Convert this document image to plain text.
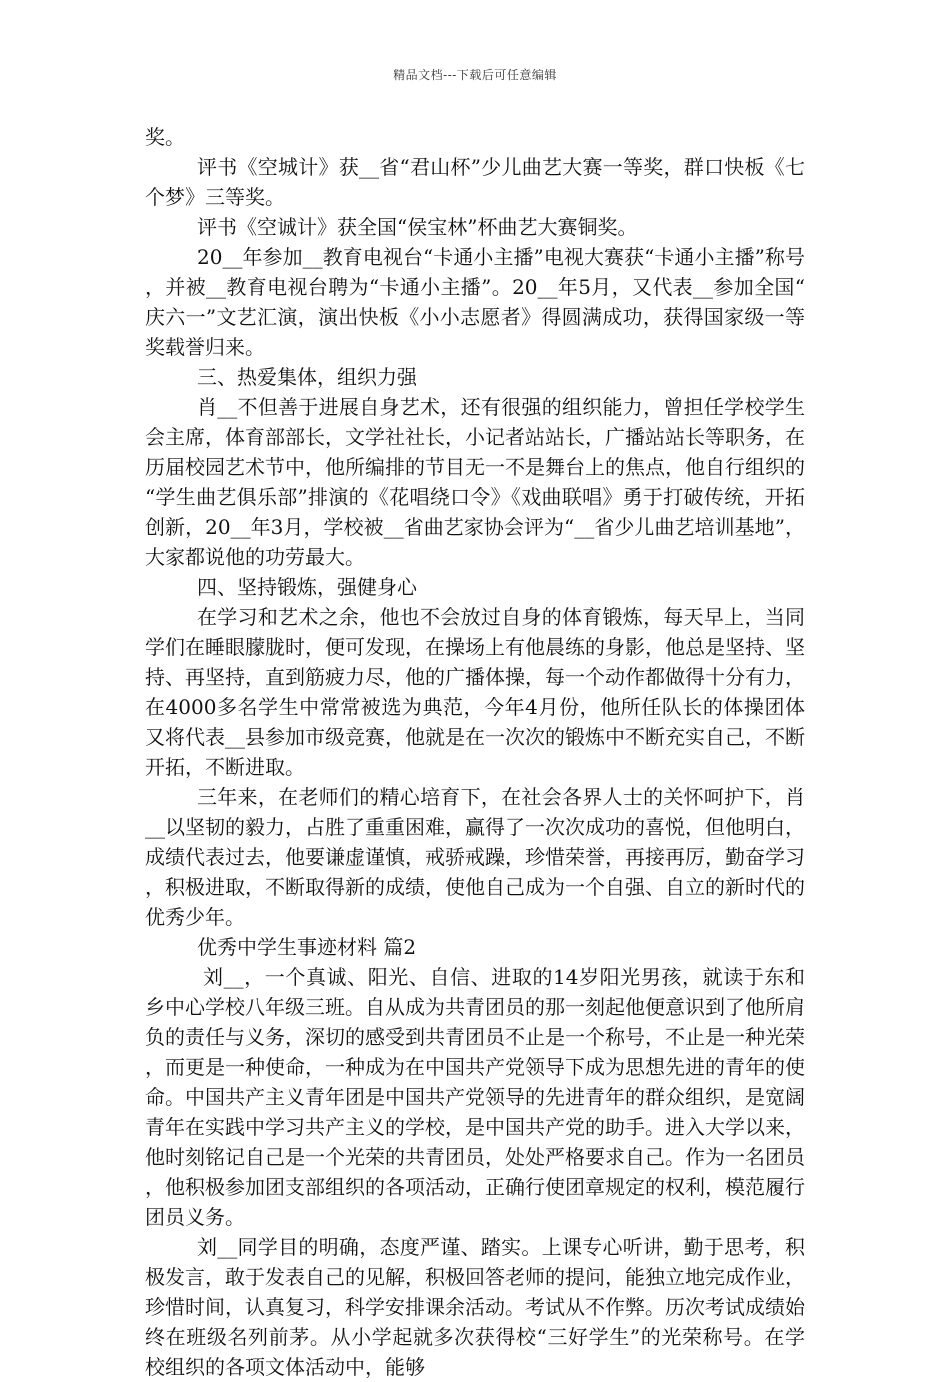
精品文档---下载后可任意编辑

奖。

评书《空城计》获__省“君山杯”少儿曲艺大赛一等奖，群口快板《七个梦》三等奖。

评书《空诚计》获全国“侯宝林”杯曲艺大赛铜奖。

20__年参加__教育电视台“卡通小主播”电视大赛获“卡通小主播”称号，并被__教育电视台聘为“卡通小主播”。20__年5月，又代表__参加全国“庆六一”文艺汇演，演出快板《小小志愿者》得圆满成功，获得国家级一等奖载誉归来。

三、热爱集体，组织力强

肖__不但善于进展自身艺术，还有很强的组织能力，曾担任学校学生会主席，体育部部长，文学社社长，小记者站站长，广播站站长等职务，在历届校园艺术节中，他所编排的节目无一不是舞台上的焦点，他自行组织的“学生曲艺俱乐部”排演的《花唱绕口令》《戏曲联唱》勇于打破传统，开拓创新，20__年3月，学校被__省曲艺家协会评为“__省少儿曲艺培训基地”，大家都说他的功劳最大。

四、坚持锻炼，强健身心

在学习和艺术之余，他也不会放过自身的体育锻炼，每天早上，当同学们在睡眼朦胧时，便可发现，在操场上有他晨练的身影，他总是坚持、坚持、再坚持，直到筋疲力尽，他的广播体操，每一个动作都做得十分有力，在4000多名学生中常常被选为典范，今年4月份，他所任队长的体操团体又将代表__县参加市级竞赛，他就是在一次次的锻炼中不断充实自己，不断开拓，不断进取。

三年来，在老师们的精心培育下，在社会各界人士的关怀呵护下，肖__以坚韧的毅力，占胜了重重困难，赢得了一次次成功的喜悦，但他明白，成绩代表过去，他要谦虚谨慎，戒骄戒躁，珍惜荣誉，再接再厉，勤奋学习，积极进取，不断取得新的成绩，使他自己成为一个自强、自立的新时代的优秀少年。

优秀中学生事迹材料 篇2

刘__，一个真诚、阳光、自信、进取的14岁阳光男孩，就读于东和乡中心学校八年级三班。自从成为共青团员的那一刻起他便意识到了他所肩负的责任与义务，深切的感受到共青团员不止是一个称号，不止是一种光荣，而更是一种使命，一种成为在中国共产党领导下成为思想先进的青年的使命。中国共产主义青年团是中国共产党领导的先进青年的群众组织，是宽阔青年在实践中学习共产主义的学校，是中国共产党的助手。进入大学以来，他时刻铭记自己是一个光荣的共青团员，处处严格要求自己。作为一名团员，他积极参加团支部组织的各项活动，正确行使团章规定的权利，模范履行团员义务。

刘__同学目的明确，态度严谨、踏实。上课专心听讲，勤于思考，积极发言，敢于发表自己的见解，积极回答老师的提问，能独立地完成作业，珍惜时间，认真复习，科学安排课余活动。考试从不作弊。历次考试成绩始终在班级名列前茅。从小学起就多次获得校“三好学生”的光荣称号。在学校组织的各项文体活动中，能够
